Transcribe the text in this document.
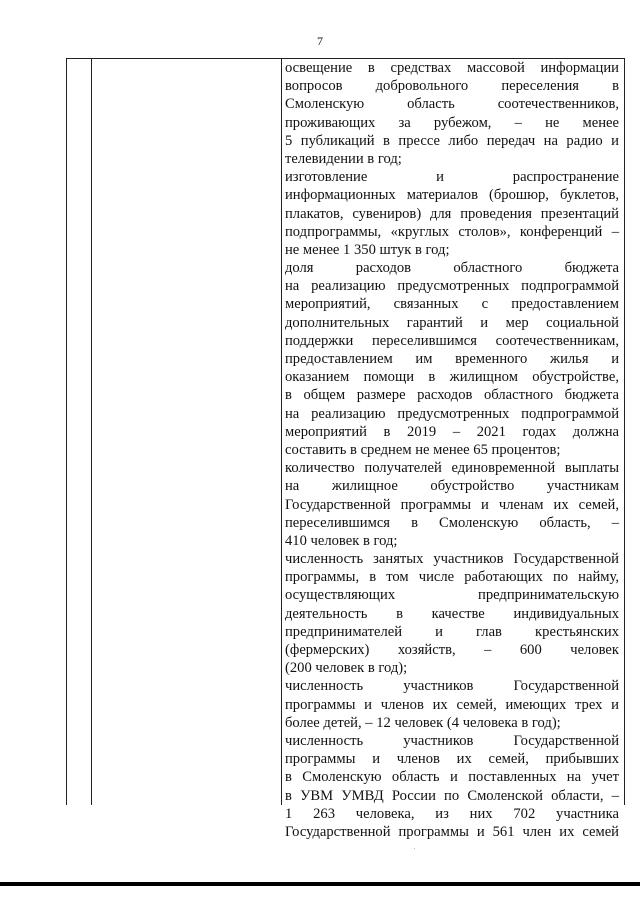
7
освещение в средствах массовой информации
вопросов добровольного переселения в
Смоленскую область соотечественников,
проживающих за рубежом, – не менее
5 публикаций в прессе либо передач на радио и
телевидении в год;
изготовление и распространение
информационных материалов (брошюр, буклетов,
плакатов, сувениров) для проведения презентаций
подпрограммы, «круглых столов», конференций –
не менее 1 350 штук в год;
доля расходов областного бюджета
на реализацию предусмотренных подпрограммой
мероприятий, связанных с предоставлением
дополнительных гарантий и мер социальной
поддержки переселившимся соотечественникам,
предоставлением им временного жилья и
оказанием помощи в жилищном обустройстве,
в общем размере расходов областного бюджета
на реализацию предусмотренных подпрограммой
мероприятий в 2019 – 2021 годах должна
составить в среднем не менее 65 процентов;
количество получателей единовременной выплаты
на жилищное обустройство участникам
Государственной программы и членам их семей,
переселившимся в Смоленскую область, –
410 человек в год;
численность занятых участников Государственной
программы, в том числе работающих по найму,
осуществляющих предпринимательскую
деятельность в качестве индивидуальных
предпринимателей и глав крестьянских
(фермерских) хозяйств, – 600 человек
(200 человек в год);
численность участников Государственной
программы и членов их семей, имеющих трех и
более детей, – 12 человек (4 человека в год);
численность участников Государственной
программы и членов их семей, прибывших
в Смоленскую область и поставленных на учет
в УВМ УМВД России по Смоленской области, –
1 263 человека, из них 702 участника
Государственной программы и 561 член их семей
